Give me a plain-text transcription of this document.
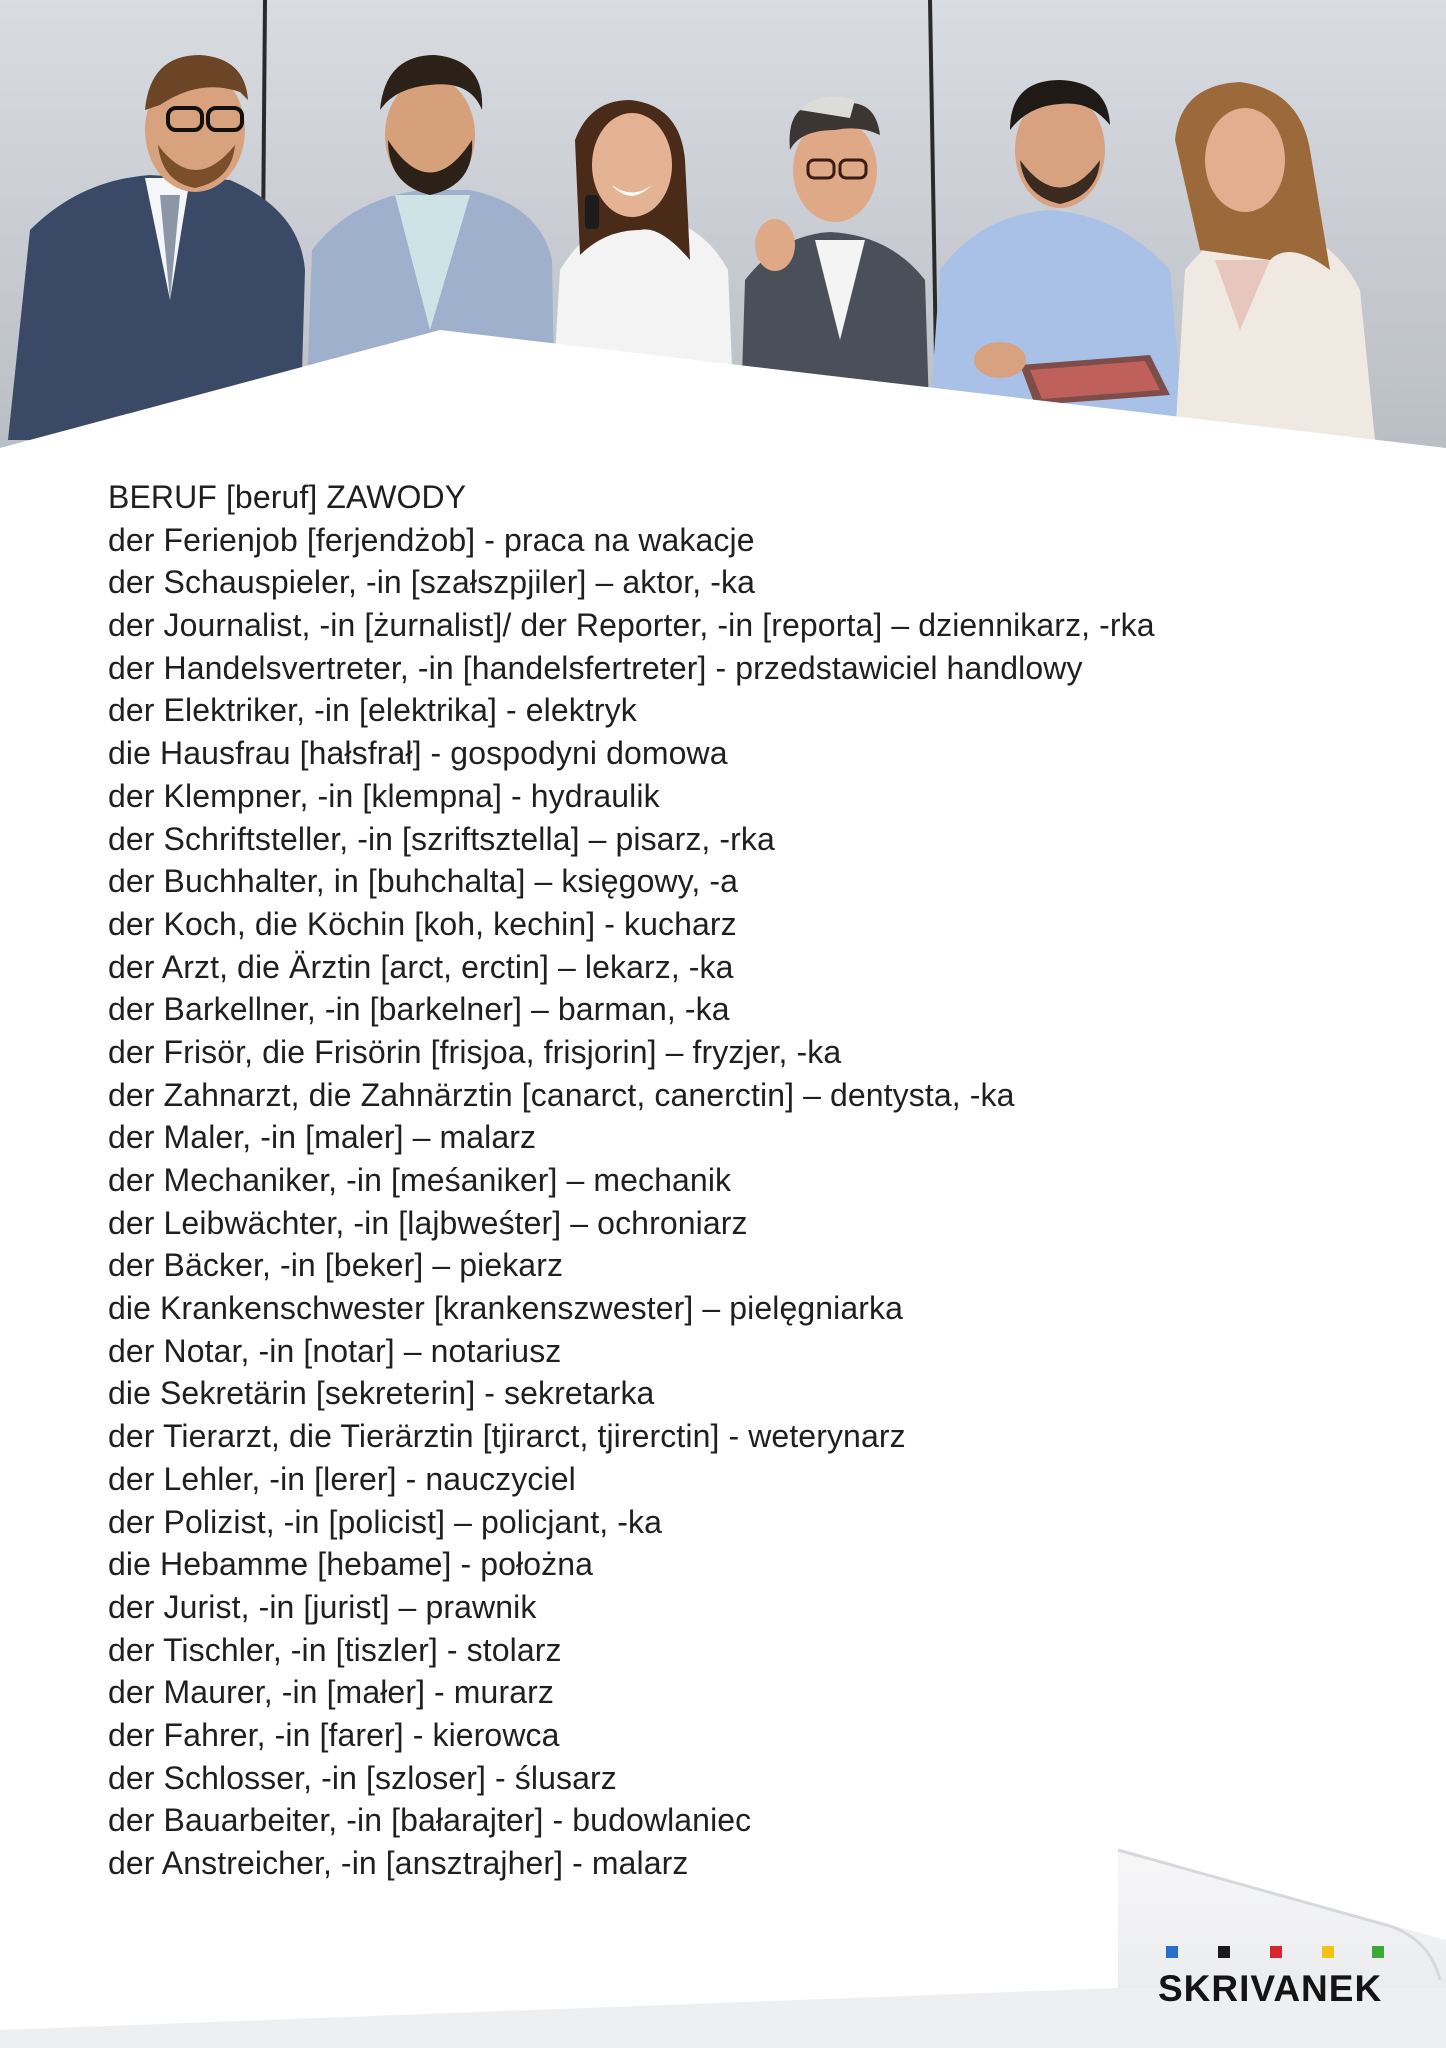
BERUF [beruf] ZAWODY
der Ferienjob [ferjendżob] - praca na wakacje
der Schauspieler, -in [szałszpjiler] – aktor, -ka
der Journalist, -in [żurnalist]/ der Reporter, -in [reporta] – dziennikarz, -rka
der Handelsvertreter, -in [handelsfertreter] - przedstawiciel handlowy
der Elektriker, -in [elektrika] - elektryk
die Hausfrau [hałsfrał] - gospodyni domowa
der Klempner, -in [klempna] - hydraulik
der Schriftsteller, -in [szriftsztella] – pisarz, -rka
der Buchhalter, in [buhchalta] – księgowy, -a
der Koch, die Köchin [koh, kechin] - kucharz
der Arzt, die Ärztin [arct, erctin] – lekarz, -ka
der Barkellner, -in [barkelner] – barman, -ka
der Frisör, die Frisörin [frisjoa, frisjorin] – fryzjer, -ka
der Zahnarzt, die Zahnärztin [canarct, canerctin] – dentysta, -ka
der Maler, -in [maler] – malarz
der Mechaniker, -in [meśaniker] – mechanik
der Leibwächter, -in [lajbweśter] – ochroniarz
der Bäcker, -in [beker] – piekarz
die Krankenschwester [krankenszwester] – pielęgniarka
der Notar, -in [notar] – notariusz
die Sekretärin [sekreterin] - sekretarka
der Tierarzt, die Tierärztin [tjirarct, tjirerctin] - weterynarz
der Lehler, -in [lerer] - nauczyciel
der Polizist, -in [policist] – policjant, -ka
die Hebamme [hebame] - położna
der Jurist, -in [jurist] – prawnik
der Tischler, -in [tiszler] - stolarz
der Maurer, -in [małer] - murarz
der Fahrer, -in [farer] - kierowca
der Schlosser, -in [szloser] - ślusarz
der Bauarbeiter, -in [bałarajter] - budowlaniec
der Anstreicher, -in [ansztrajher] - malarz
SKRIVANEK
